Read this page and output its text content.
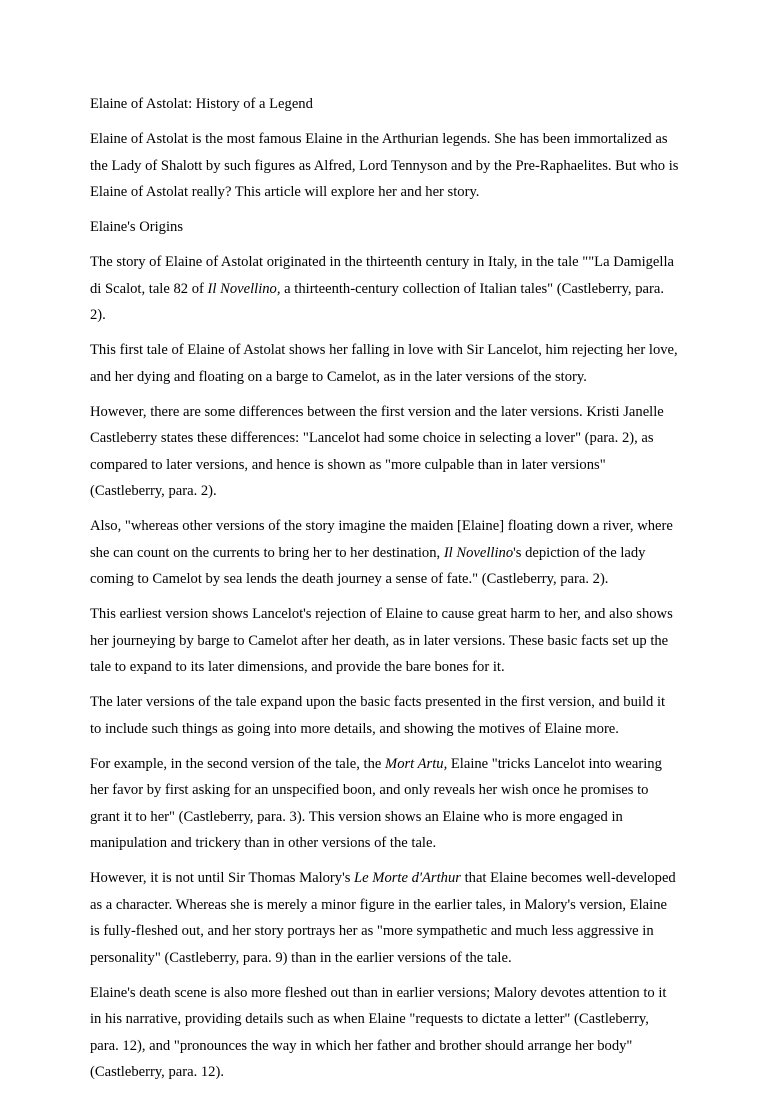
Elaine of Astolat: History of a Legend

Elaine of Astolat is the most famous Elaine in the Arthurian legends. She has been immortalized as the Lady of Shalott by such figures as Alfred, Lord Tennyson and by the Pre-Raphaelites. But who is Elaine of Astolat really? This article will explore her and her story.

Elaine's Origins

The story of Elaine of Astolat originated in the thirteenth century in Italy, in the tale ""La Damigella di Scalot, tale 82 of Il Novellino, a thirteenth-century collection of Italian tales" (Castleberry, para. 2).

This first tale of Elaine of Astolat shows her falling in love with Sir Lancelot, him rejecting her love, and her dying and floating on a barge to Camelot, as in the later versions of the story.

However, there are some differences between the first version and the later versions. Kristi Janelle Castleberry states these differences: "Lancelot had some choice in selecting a lover" (para. 2), as compared to later versions, and hence is shown as "more culpable than in later versions" (Castleberry, para. 2).

Also, "whereas other versions of the story imagine the maiden [Elaine] floating down a river, where she can count on the currents to bring her to her destination, Il Novellino's depiction of the lady coming to Camelot by sea lends the death journey a sense of fate." (Castleberry, para. 2).

This earliest version shows Lancelot's rejection of Elaine to cause great harm to her, and also shows her journeying by barge to Camelot after her death, as in later versions. These basic facts set up the tale to expand to its later dimensions, and provide the bare bones for it.

The later versions of the tale expand upon the basic facts presented in the first version, and build it to include such things as going into more details, and showing the motives of Elaine more.

For example, in the second version of the tale, the Mort Artu, Elaine "tricks Lancelot into wearing her favor by first asking for an unspecified boon, and only reveals her wish once he promises to grant it to her" (Castleberry, para. 3). This version shows an Elaine who is more engaged in manipulation and trickery than in other versions of the tale.

However, it is not until Sir Thomas Malory's Le Morte d'Arthur that Elaine becomes well-developed as a character. Whereas she is merely a minor figure in the earlier tales, in Malory's version, Elaine is fully-fleshed out, and her story portrays her as "more sympathetic and much less aggressive in personality" (Castleberry, para. 9) than in the earlier versions of the tale.

Elaine's death scene is also more fleshed out than in earlier versions; Malory devotes attention to it in his narrative, providing details such as when Elaine "requests to dictate a letter" (Castleberry, para. 12), and "pronounces the way in which her father and brother should arrange her body" (Castleberry, para. 12).
